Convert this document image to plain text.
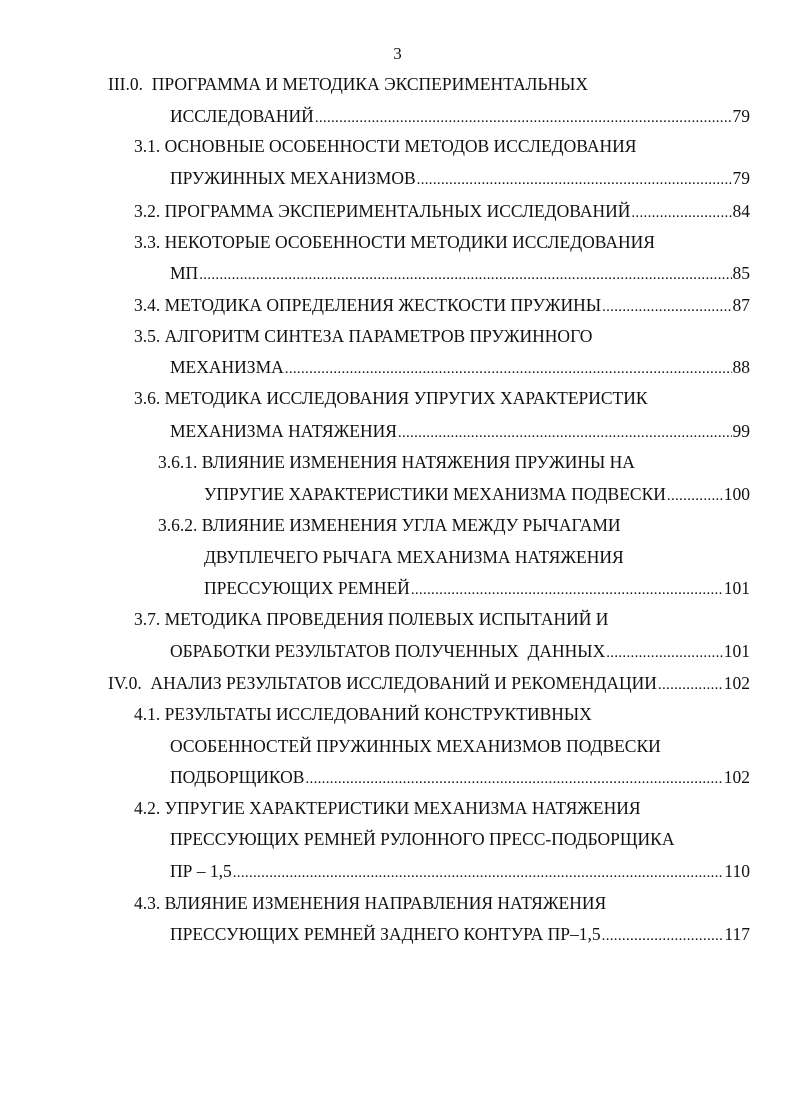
3
III.0.  ПРОГРАММА И МЕТОДИКА ЭКСПЕРИМЕНТАЛЬНЫХ
ИССЛЕДОВАНИЙ .....	79
3.1. ОСНОВНЫЕ ОСОБЕННОСТИ МЕТОДОВ ИССЛЕДОВАНИЯ
ПРУЖИННЫХ МЕХАНИЗМОВ .....	79
3.2. ПРОГРАММА ЭКСПЕРИМЕНТАЛЬНЫХ ИССЛЕДОВАНИЙ .....	84
3.3. НЕКОТОРЫЕ ОСОБЕННОСТИ МЕТОДИКИ ИССЛЕДОВАНИЯ
МП .....	85
3.4. МЕТОДИКА ОПРЕДЕЛЕНИЯ ЖЕСТКОСТИ ПРУЖИНЫ .....	87
3.5. АЛГОРИТМ СИНТЕЗА ПАРАМЕТРОВ ПРУЖИННОГО
МЕХАНИЗМА .....	88
3.6. МЕТОДИКА ИССЛЕДОВАНИЯ УПРУГИХ ХАРАКТЕРИСТИК
МЕХАНИЗМА НАТЯЖЕНИЯ .....	99
3.6.1. ВЛИЯНИЕ ИЗМЕНЕНИЯ НАТЯЖЕНИЯ ПРУЖИНЫ НА
УПРУГИЕ ХАРАКТЕРИСТИКИ МЕХАНИЗМА ПОДВЕСКИ .....	100
3.6.2. ВЛИЯНИЕ ИЗМЕНЕНИЯ УГЛА МЕЖДУ РЫЧАГАМИ
ДВУПЛЕЧЕГО РЫЧАГА МЕХАНИЗМА НАТЯЖЕНИЯ
ПРЕССУЮЩИХ РЕМНЕЙ .....	101
3.7. МЕТОДИКА ПРОВЕДЕНИЯ ПОЛЕВЫХ ИСПЫТАНИЙ И
ОБРАБОТКИ РЕЗУЛЬТАТОВ ПОЛУЧЕННЫХ  ДАННЫХ .....	101
IV.0.  АНАЛИЗ РЕЗУЛЬТАТОВ ИССЛЕДОВАНИЙ И РЕКОМЕНДАЦИИ .....	102
4.1. РЕЗУЛЬТАТЫ ИССЛЕДОВАНИЙ КОНСТРУКТИВНЫХ
ОСОБЕННОСТЕЙ ПРУЖИННЫХ МЕХАНИЗМОВ ПОДВЕСКИ
ПОДБОРЩИКОВ .....	102
4.2. УПРУГИЕ ХАРАКТЕРИСТИКИ МЕХАНИЗМА НАТЯЖЕНИЯ
ПРЕССУЮЩИХ РЕМНЕЙ РУЛОННОГО ПРЕСС-ПОДБОРЩИКА
ПР – 1,5 .....	110
4.3. ВЛИЯНИЕ ИЗМЕНЕНИЯ НАПРАВЛЕНИЯ НАТЯЖЕНИЯ
ПРЕССУЮЩИХ РЕМНЕЙ ЗАДНЕГО КОНТУРА ПР–1,5 .....	117
